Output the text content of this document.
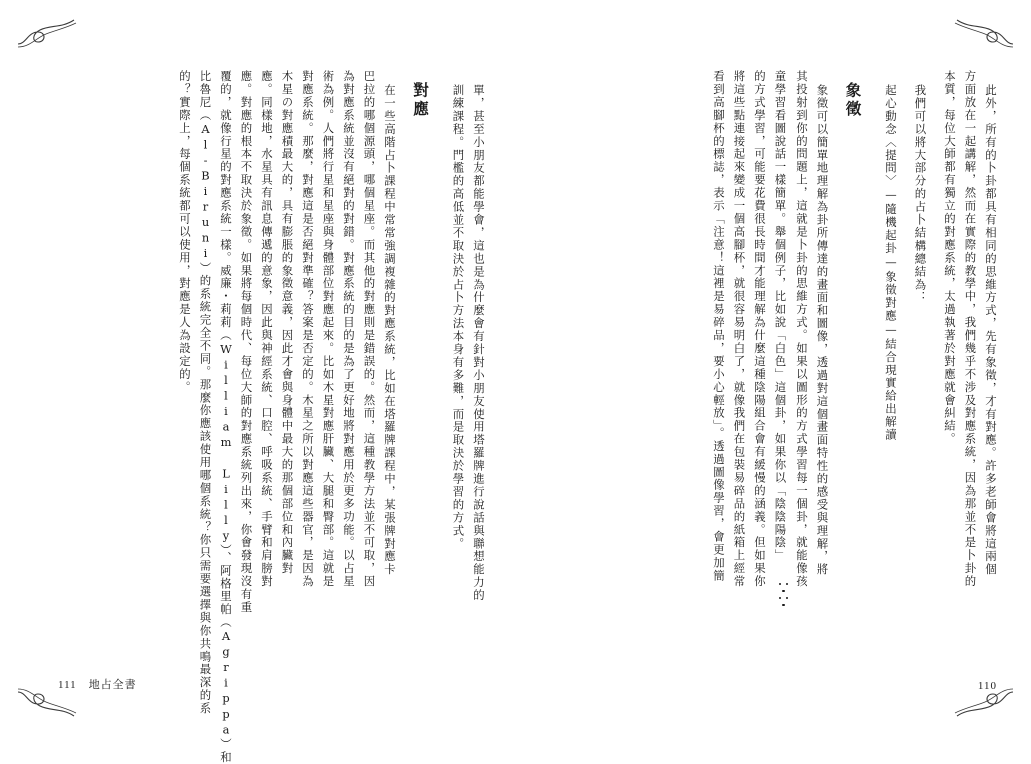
單，甚至小朋友都能學會，這也是為什麼會有針對小朋友使用塔羅牌進行說話與聯想能力的
訓練課程。門檻的高低並不取決於占卜方法本身有多難，而是取決於學習的方式。
對應
在一些高階占卜課程中常常強調複雜的對應系統，比如在塔羅牌課程中，某張牌對應卡
巴拉的哪個源頭，哪個星座。而其他的對應則是錯誤的。然而，這種教學方法並不可取，因
為對應系統並沒有絕對的對錯。對應系統的目的是為了更好地將對應用於更多功能。以占星
術為例。人們將行星和星座與身體部位對應起來。比如木星對應肝臟、大腿和臀部。這就是
對應系統。那麼，對應這是否絕對準確？答案是否定的。木星之所以對應這些器官，是因為
木星の對應積最大的，具有膨脹的象徵意義，因此才會與身體中最大的那個部位和內臟對
應。同樣地，水星具有訊息傳遞的意象，因此與神經系統、口腔、呼吸系統、手臂和肩膀對
應。對應的根本不取決於象徵。如果將每個時代、每位大師的對應系統列出來，你會發現沒有重
覆的，就像行星的對應系統一樣。威廉・莉莉（William Lilly）、阿格里帕（Agrippa）和
比魯尼（Al-Biruni）的系統完全不同。那麼你應該使用哪個系統？你只需要選擇與你共鳴最深的系
的？實際上，每個系統都可以使用，對應是人為設定的。
111 地占全書
此外，所有的卜卦都具有相同的思維方式，先有象徵，才有對應。許多老師會將這兩個
方面放在一起講解，然而在實際的教學中，我們幾乎不涉及對應系統，因為那並不是卜卦的
本質，每位大師都有獨立的對應系統，太過執著於對應就會糾結。
我們可以將大部分的占卜結構總結為：
起心動念〈提問〉—隨機起卦—象徵對應—結合現實給出解讀
象徵
象徵可以簡單地理解為卦所傳達的畫面和圖像，透過對這個畫面特性的感受與理解，將
其投射到你的問題上，這就是卜卦的思維方式。如果以圖形的方式學習每一個卦，就能像孩
童學習看圖說話一樣簡單。舉個例子，比如說「白色」這個卦，如果你以「陰陰陽陰」
的方式學習，可能要花費很長時間才能理解為什麼這種陰陽組合會有緩慢的涵義。但如果你
將這些點連接起來變成一個高腳杯，就很容易明白了，就像我們在包裝易碎品的紙箱上經常
看到高腳杯的標誌，表示「注意！這裡是易碎品，要小心輕放」。透過圖像學習，會更加簡
110
